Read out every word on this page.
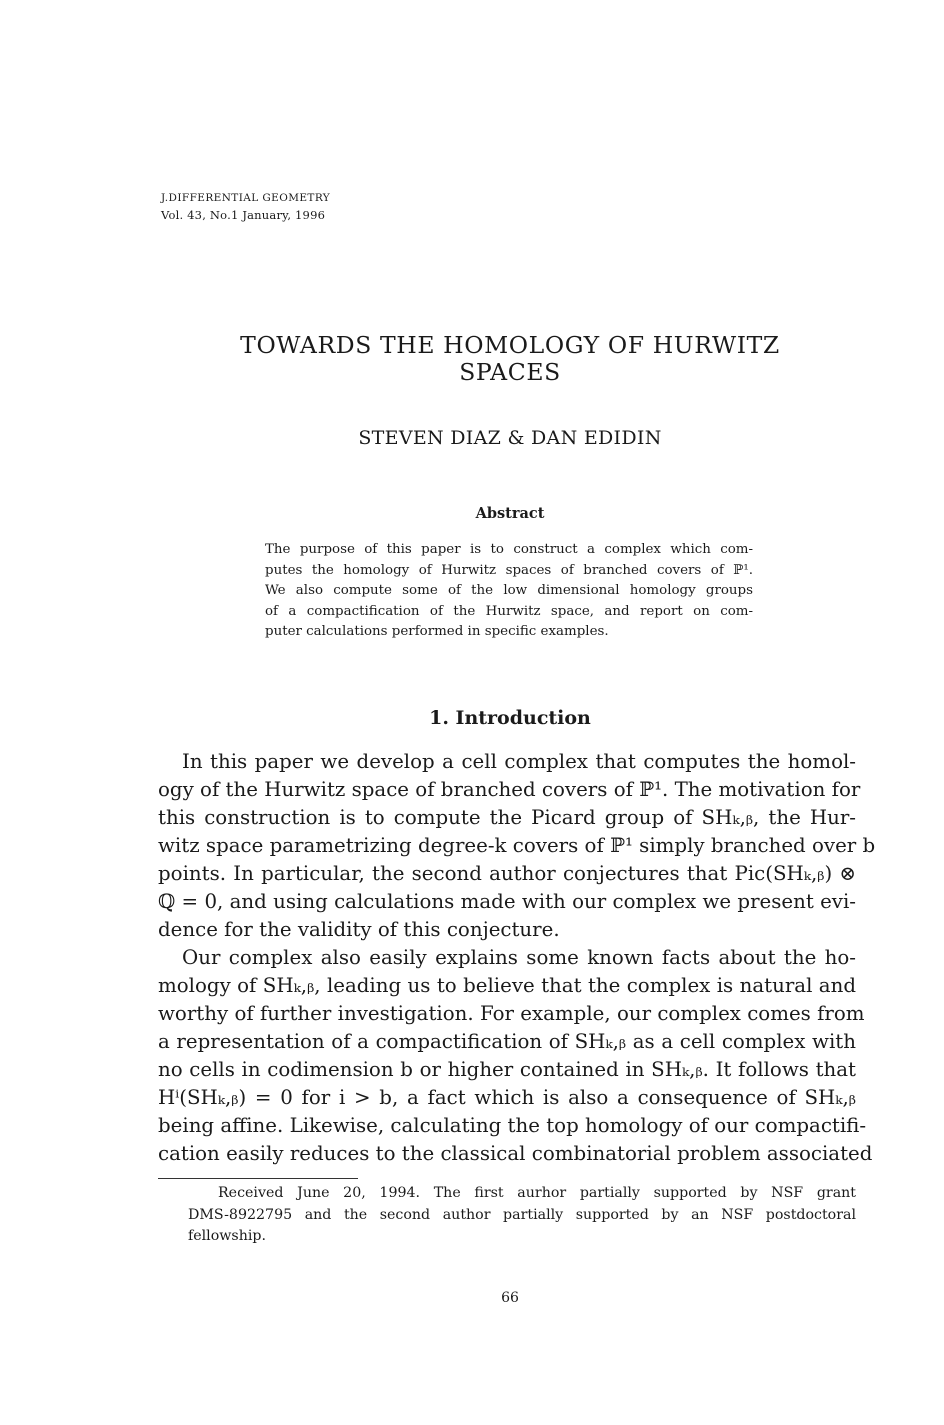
J.DIFFERENTIAL GEOMETRY
Vol. 43, No.1 January, 1996
TOWARDS THE HOMOLOGY OF HURWITZ
SPACES
STEVEN DIAZ & DAN EDIDIN
Abstract
The purpose of this paper is to construct a complex which com-
putes the homology of Hurwitz spaces of branched covers of ℙ¹.
We also compute some of the low dimensional homology groups
of a compactification of the Hurwitz space, and report on com-
puter calculations performed in specific examples.
1. Introduction
In this paper we develop a cell complex that computes the homol-
ogy of the Hurwitz space of branched covers of ℙ¹. The motivation for
this construction is to compute the Picard group of SHₖ,ᵦ, the Hur-
witz space parametrizing degree-k covers of ℙ¹ simply branched over b
points. In particular, the second author conjectures that Pic(SHₖ,ᵦ) ⊗
ℚ = 0, and using calculations made with our complex we present evi-
dence for the validity of this conjecture.
Our complex also easily explains some known facts about the ho-
mology of SHₖ,ᵦ, leading us to believe that the complex is natural and
worthy of further investigation. For example, our complex comes from
a representation of a compactification of SHₖ,ᵦ as a cell complex with
no cells in codimension b or higher contained in SHₖ,ᵦ. It follows that
Hⁱ(SHₖ,ᵦ) = 0 for i > b, a fact which is also a consequence of SHₖ,ᵦ
being affine. Likewise, calculating the top homology of our compactifi-
cation easily reduces to the classical combinatorial problem associated
Received June 20, 1994. The first aurhor partially supported by NSF grant
DMS-8922795 and the second author partially supported by an NSF postdoctoral
fellowship.
66
